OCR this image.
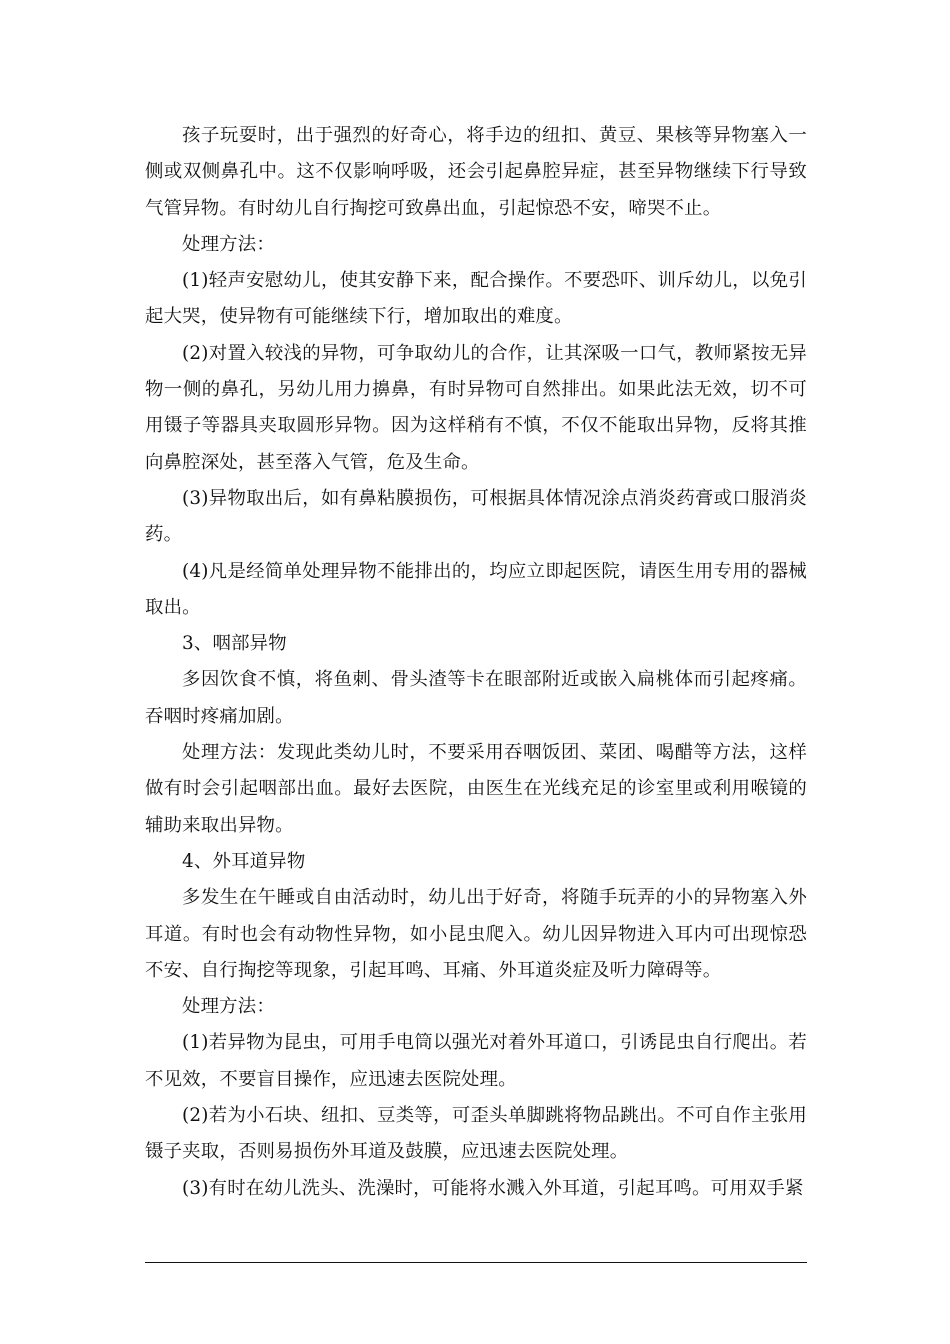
孩子玩耍时，出于强烈的好奇心，将手边的纽扣、黄豆、果核等异物塞入一侧或双侧鼻孔中。这不仅影响呼吸，还会引起鼻腔异症，甚至异物继续下行导致气管异物。有时幼儿自行掏挖可致鼻出血，引起惊恐不安，啼哭不止。

处理方法：

(1)轻声安慰幼儿，使其安静下来，配合操作。不要恐吓、训斥幼儿，以免引起大哭，使异物有可能继续下行，增加取出的难度。

(2)对置入较浅的异物，可争取幼儿的合作，让其深吸一口气，教师紧按无异物一侧的鼻孔，另幼儿用力擤鼻，有时异物可自然排出。如果此法无效，切不可用镊子等器具夹取圆形异物。因为这样稍有不慎，不仅不能取出异物，反将其推向鼻腔深处，甚至落入气管，危及生命。

(3)异物取出后，如有鼻粘膜损伤，可根据具体情况涂点消炎药膏或口服消炎药。

(4)凡是经简单处理异物不能排出的，均应立即起医院，请医生用专用的器械取出。

3、咽部异物

多因饮食不慎，将鱼刺、骨头渣等卡在眼部附近或嵌入扁桃体而引起疼痛。吞咽时疼痛加剧。

处理方法：发现此类幼儿时，不要采用吞咽饭团、菜团、喝醋等方法，这样做有时会引起咽部出血。最好去医院，由医生在光线充足的诊室里或利用喉镜的辅助来取出异物。

4、外耳道异物

多发生在午睡或自由活动时，幼儿出于好奇，将随手玩弄的小的异物塞入外耳道。有时也会有动物性异物，如小昆虫爬入。幼儿因异物进入耳内可出现惊恐不安、自行掏挖等现象，引起耳鸣、耳痛、外耳道炎症及听力障碍等。

处理方法：

(1)若异物为昆虫，可用手电筒以强光对着外耳道口，引诱昆虫自行爬出。若不见效，不要盲目操作，应迅速去医院处理。

(2)若为小石块、纽扣、豆类等，可歪头单脚跳将物品跳出。不可自作主张用镊子夹取，否则易损伤外耳道及鼓膜，应迅速去医院处理。

(3)有时在幼儿洗头、洗澡时，可能将水溅入外耳道，引起耳鸣。可用双手紧
